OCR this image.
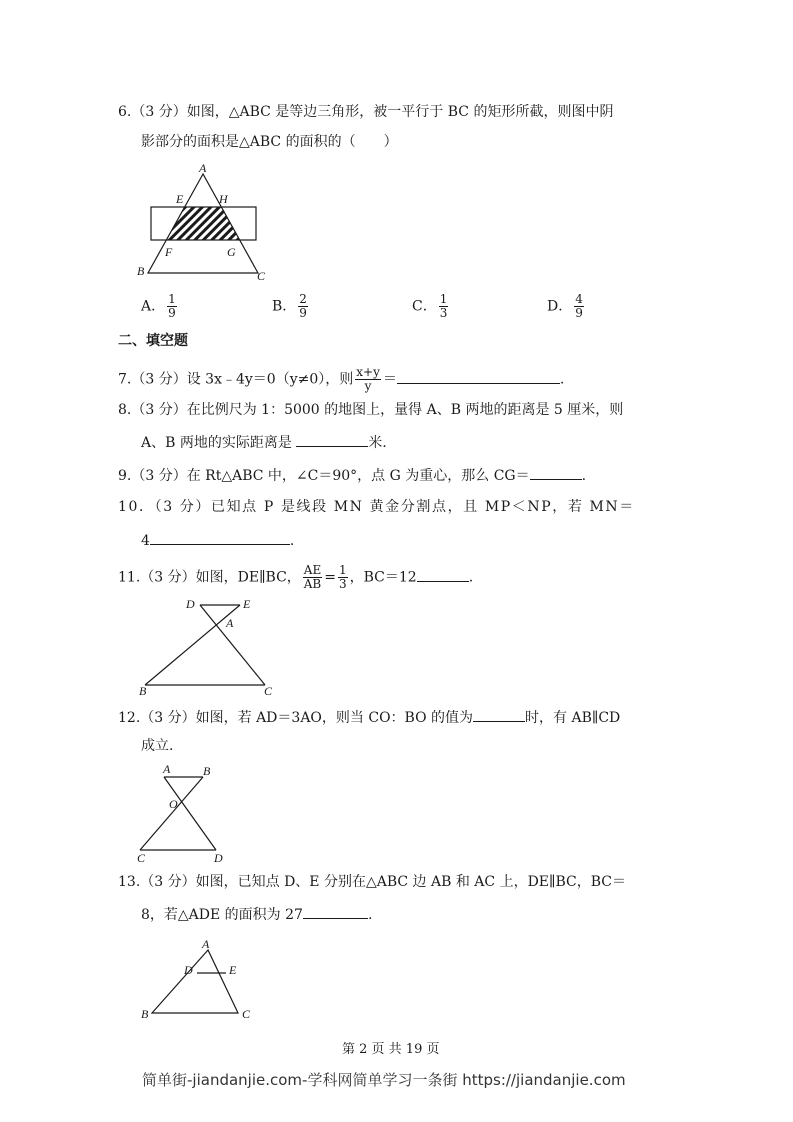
6.（3 分）如图，△ABC 是等边三角形，被一平行于 BC 的矩形所截，则图中阴
影部分的面积是△ABC 的面积的（　　）
A
E	H
F	G
B	C
D	E
A
B	C
A	B
O
C	D
A
D	E
B	C
A． $\frac{1}{9}$	B． $\frac{2}{9}$	C． $\frac{1}{3}$	D． $\frac{4}{9}$
二、填空题
7.（3 分）设 3x﹣4y＝0（y≠0），则 $\frac{x+y}{y}$ ＝	.
8.（3 分）在比例尺为 1：5000 的地图上，量得 A、B 两地的距离是 5 厘米，则
A、B 两地的实际距离是	米.
9.（3 分）在 Rt△ABC 中，∠C＝90°，点 G 为重心，那么 CG＝	.
10．（3 分）已知点 P 是线段 MN 黄金分割点，且 MP＜NP，若 MN＝
4	.
11.（3 分）如图，DE∥BC， $\frac{AE}{AB} = \frac{1}{3}$ ，BC＝12	.
12.（3 分）如图，若 AD＝3AO，则当 CO：BO 的值为	时，有 AB∥CD
成立.
13.（3 分）如图，已知点 D、E 分别在△ABC 边 AB 和 AC 上，DE∥BC，BC＝
8，若△ADE 的面积为 27	.
第 2 页 共 19 页
简单街-jiandanjie.com-学科网简单学习一条街 https://jiandanjie.com
